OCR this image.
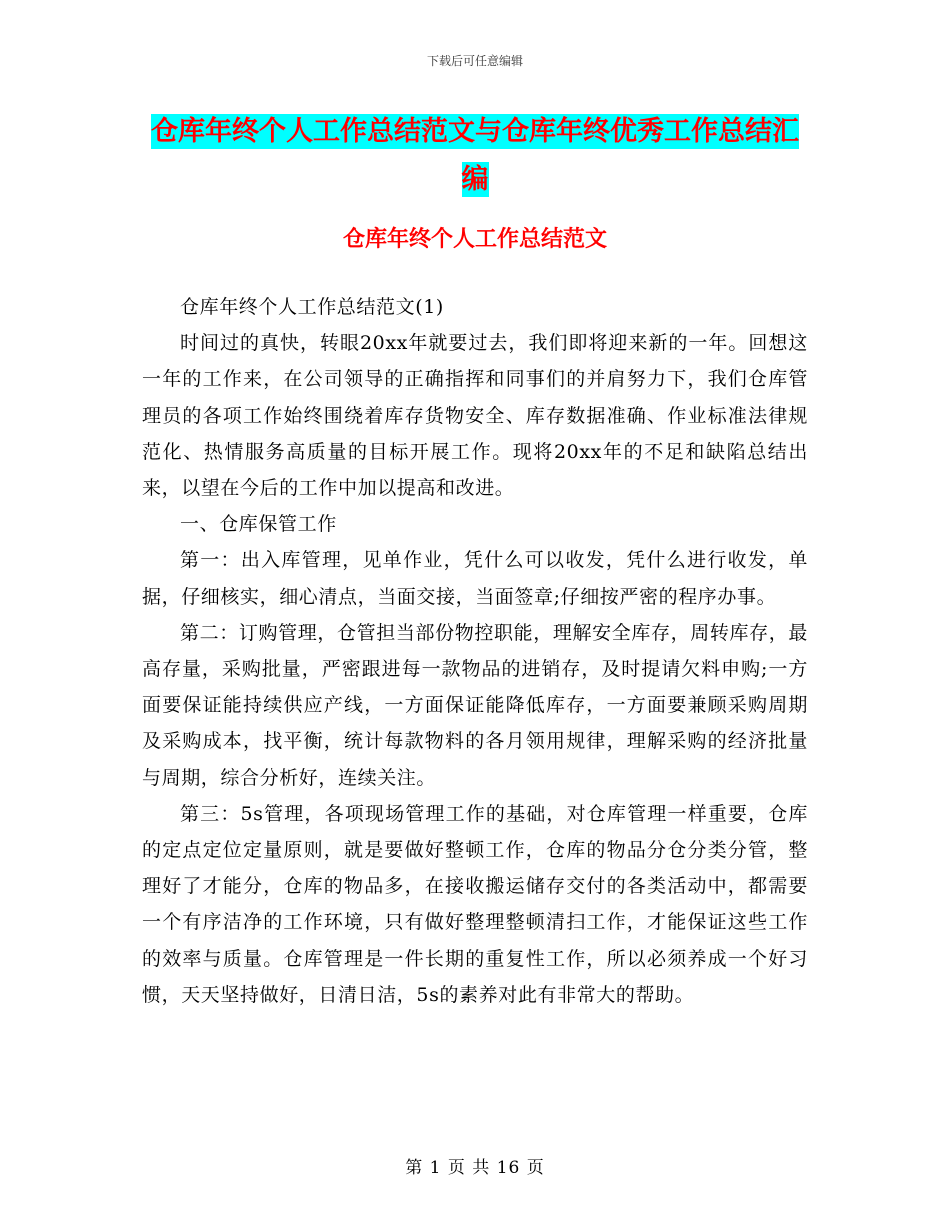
下载后可任意编辑
仓库年终个人工作总结范文与仓库年终优秀工作总结汇编
仓库年终个人工作总结范文

仓库年终个人工作总结范文(1)

时间过的真快，转眼20xx年就要过去，我们即将迎来新的一年。回想这一年的工作来，在公司领导的正确指挥和同事们的并肩努力下，我们仓库管理员的各项工作始终围绕着库存货物安全、库存数据准确、作业标准法律规范化、热情服务高质量的目标开展工作。现将20xx年的不足和缺陷总结出来，以望在今后的工作中加以提高和改进。

一、仓库保管工作

第一：出入库管理，见单作业，凭什么可以收发，凭什么进行收发，单据，仔细核实，细心清点，当面交接，当面签章;仔细按严密的程序办事。

第二：订购管理，仓管担当部份物控职能，理解安全库存，周转库存，最高存量，采购批量，严密跟进每一款物品的进销存，及时提请欠料申购;一方面要保证能持续供应产线，一方面保证能降低库存，一方面要兼顾采购周期及采购成本，找平衡，统计每款物料的各月领用规律，理解采购的经济批量与周期，综合分析好，连续关注。

第三：5s管理，各项现场管理工作的基础，对仓库管理一样重要，仓库的定点定位定量原则，就是要做好整顿工作，仓库的物品分仓分类分管，整理好了才能分，仓库的物品多，在接收搬运储存交付的各类活动中，都需要一个有序洁净的工作环境，只有做好整理整顿清扫工作，才能保证这些工作的效率与质量。仓库管理是一件长期的重复性工作，所以必须养成一个好习惯，天天坚持做好，日清日洁，5s的素养对此有非常大的帮助。

第 1 页 共 16 页
